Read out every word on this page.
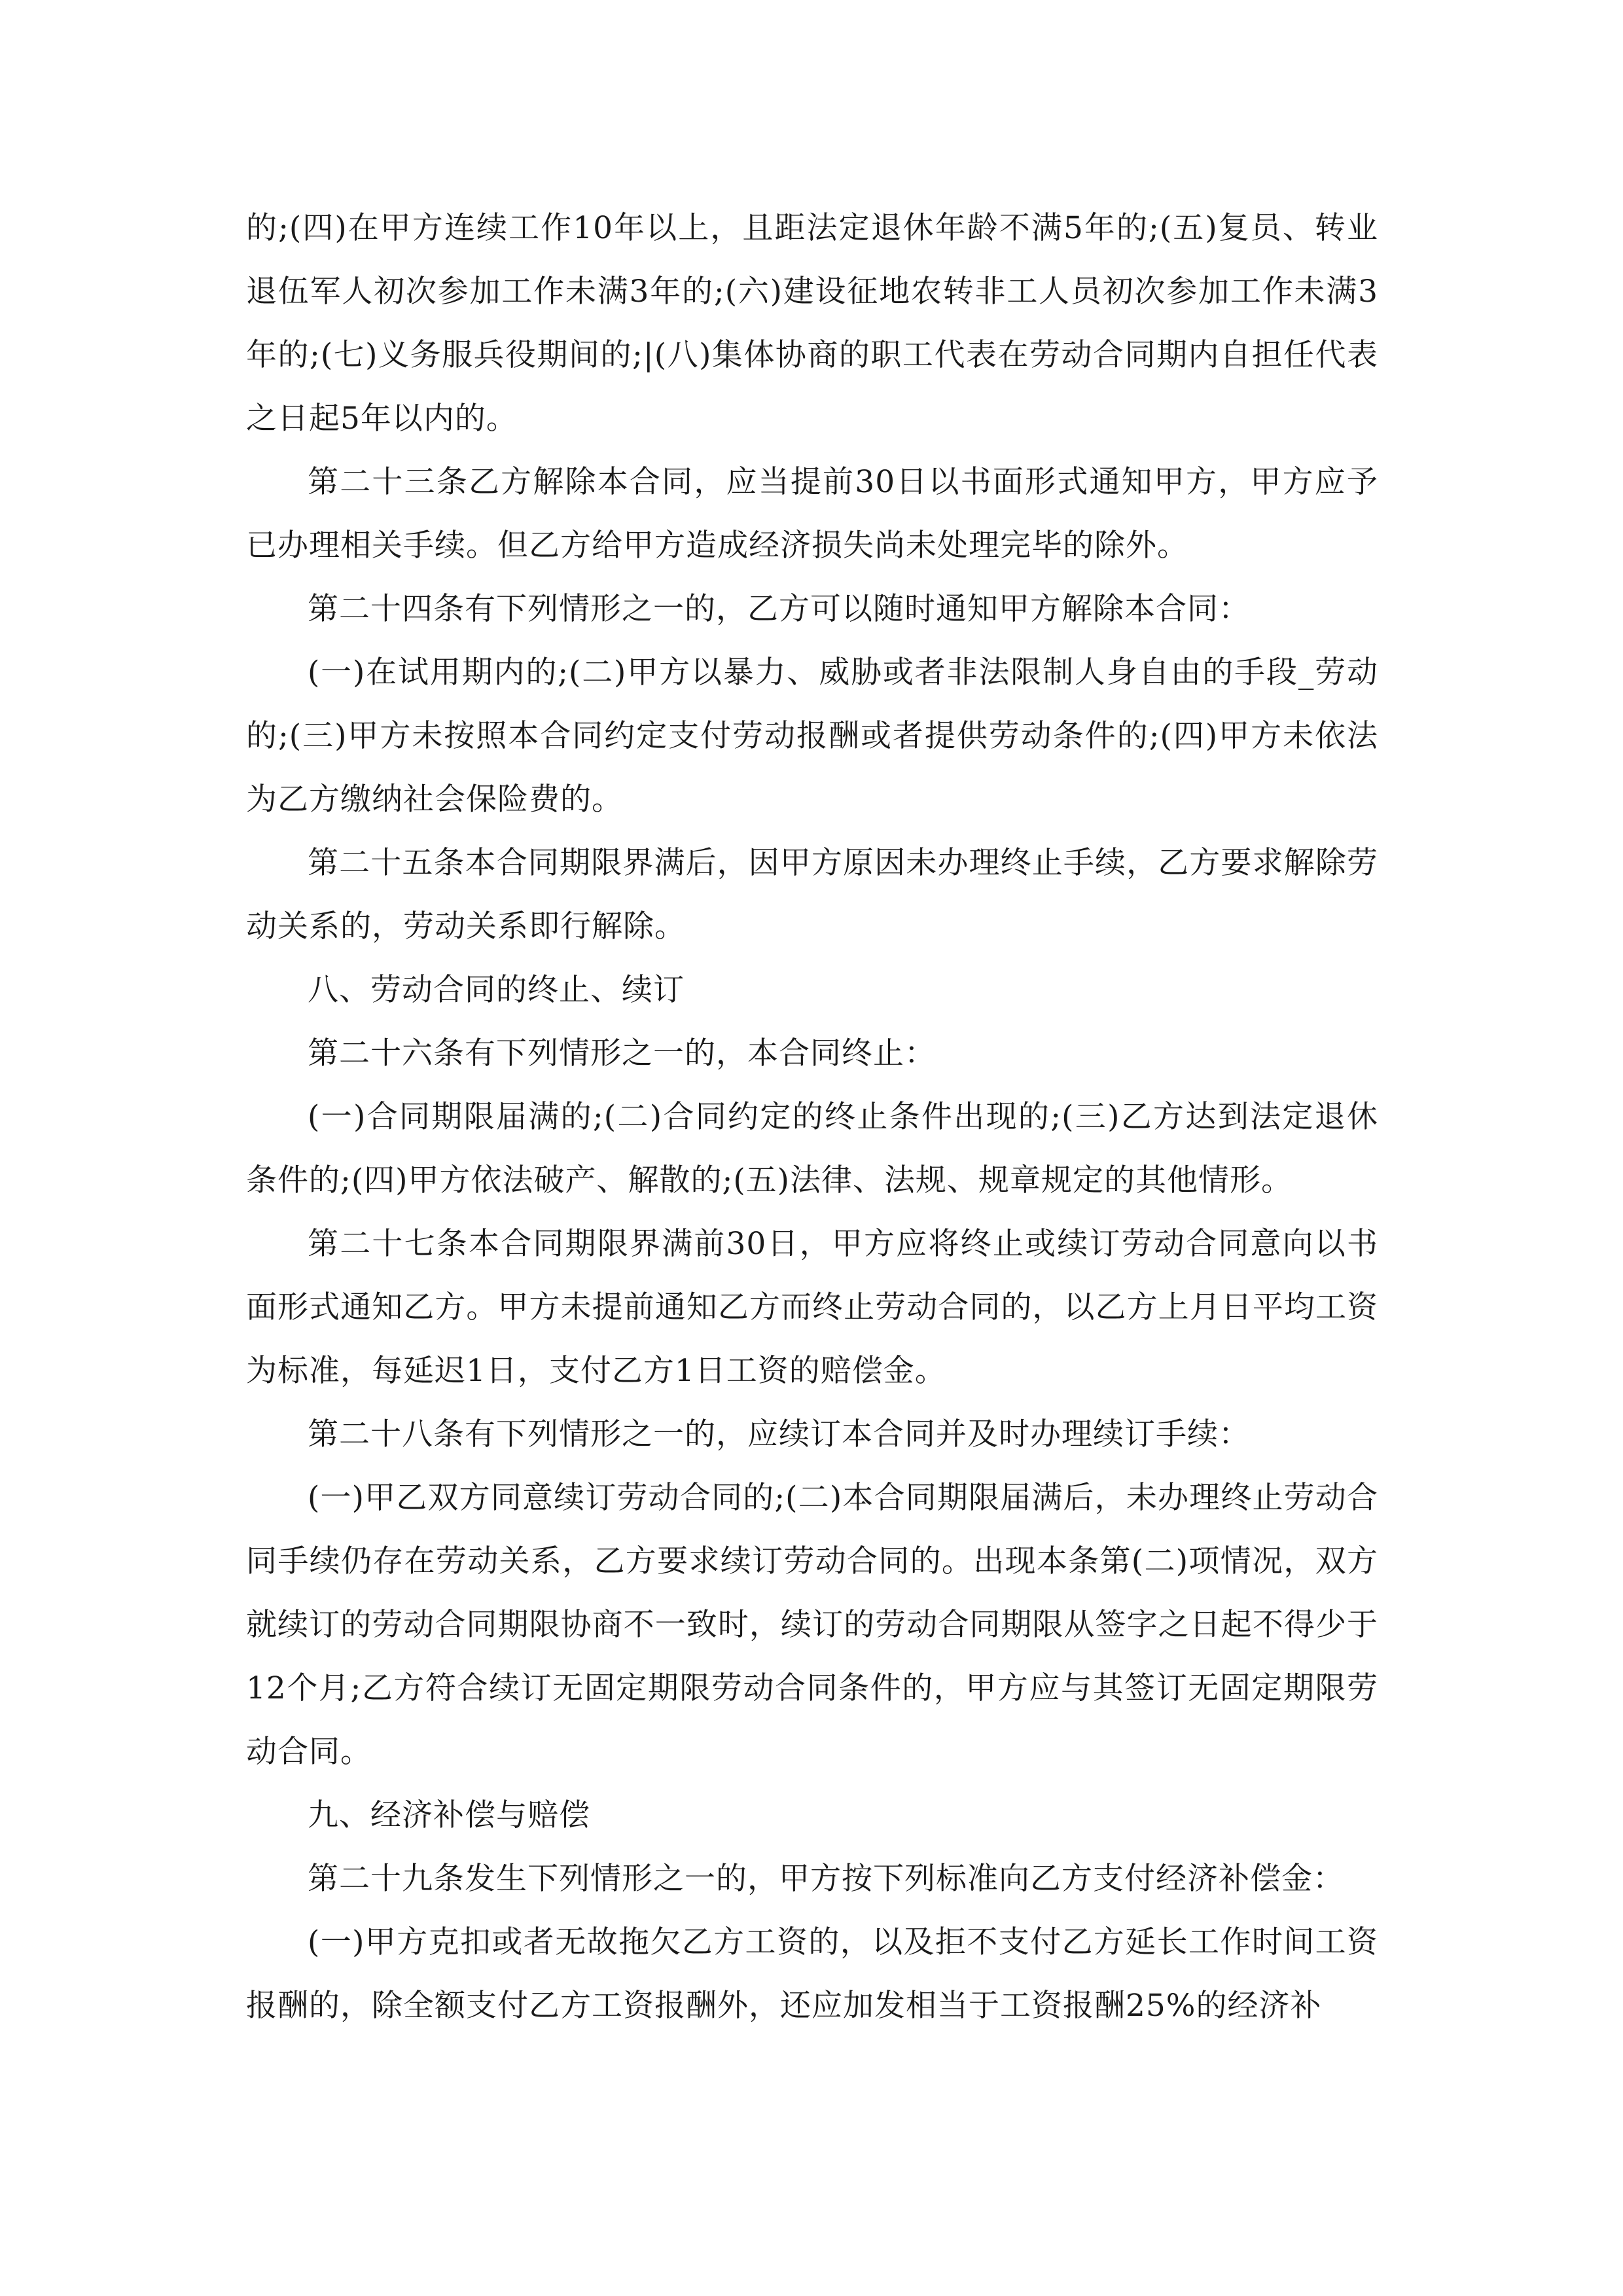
的;(四)在甲方连续工作10年以上，且距法定退休年龄不满5年的;(五)复员、转业退伍军人初次参加工作未满3年的;(六)建设征地农转非工人员初次参加工作未满3年的;(七)义务服兵役期间的;|(八)集体协商的职工代表在劳动合同期内自担任代表之日起5年以内的。

第二十三条乙方解除本合同，应当提前30日以书面形式通知甲方，甲方应予已办理相关手续。但乙方给甲方造成经济损失尚未处理完毕的除外。

第二十四条有下列情形之一的，乙方可以随时通知甲方解除本合同：

(一)在试用期内的;(二)甲方以暴力、威胁或者非法限制人身自由的手段_劳动的;(三)甲方未按照本合同约定支付劳动报酬或者提供劳动条件的;(四)甲方未依法为乙方缴纳社会保险费的。

第二十五条本合同期限界满后，因甲方原因未办理终止手续，乙方要求解除劳动关系的，劳动关系即行解除。

八、劳动合同的终止、续订

第二十六条有下列情形之一的，本合同终止：

(一)合同期限届满的;(二)合同约定的终止条件出现的;(三)乙方达到法定退休条件的;(四)甲方依法破产、解散的;(五)法律、法规、规章规定的其他情形。

第二十七条本合同期限界满前30日，甲方应将终止或续订劳动合同意向以书面形式通知乙方。甲方未提前通知乙方而终止劳动合同的，以乙方上月日平均工资为标准，每延迟1日，支付乙方1日工资的赔偿金。

第二十八条有下列情形之一的，应续订本合同并及时办理续订手续：

(一)甲乙双方同意续订劳动合同的;(二)本合同期限届满后，未办理终止劳动合同手续仍存在劳动关系，乙方要求续订劳动合同的。出现本条第(二)项情况，双方就续订的劳动合同期限协商不一致时，续订的劳动合同期限从签字之日起不得少于12个月;乙方符合续订无固定期限劳动合同条件的，甲方应与其签订无固定期限劳动合同。

九、经济补偿与赔偿

第二十九条发生下列情形之一的，甲方按下列标准向乙方支付经济补偿金：

(一)甲方克扣或者无故拖欠乙方工资的，以及拒不支付乙方延长工作时间工资报酬的，除全额支付乙方工资报酬外，还应加发相当于工资报酬25%的经济补
